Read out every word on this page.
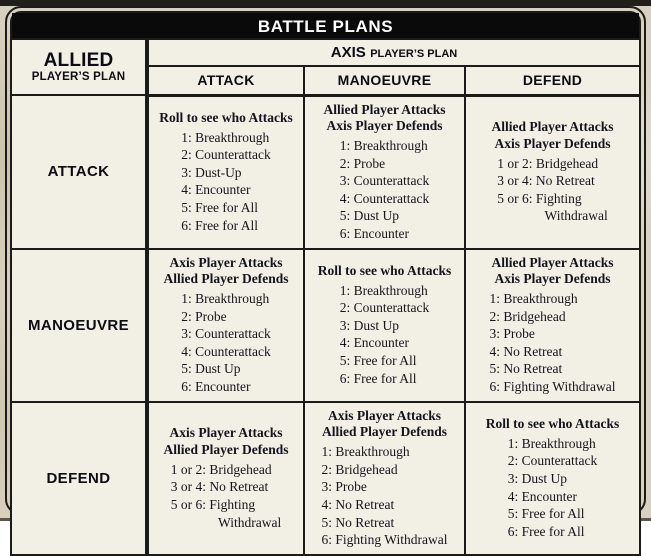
BATTLE PLANS
ALLIED
PLAYER’S PLAN	AXIS PLAYER’S PLAN		
	ATTACK	MANOEUVRE	DEFEND
ATTACK	
Roll to see who Attacks
1: Breakthrough
2: Counterattack
3: Dust-Up
4: Encounter
5: Free for All
6: Free for All

Allied Player Attacks
Axis Player Defends
1: Breakthrough
2: Probe
3: Counterattack
4: Counterattack
5: Dust Up
6: Encounter

Allied Player Attacks
Axis Player Defends
1 or 2: Bridgehead
3 or 4: No Retreat
5 or 6: Fighting
Withdrawal

MANOEUVRE	
Axis Player Attacks
Allied Player Defends
1: Breakthrough
2: Probe
3: Counterattack
4: Counterattack
5: Dust Up
6: Encounter

Roll to see who Attacks
1: Breakthrough
2: Counterattack
3: Dust Up
4: Encounter
5: Free for All
6: Free for All

Allied Player Attacks
Axis Player Defends
1: Breakthrough
2: Bridgehead
3: Probe
4: No Retreat
5: No Retreat
6: Fighting Withdrawal

DEFEND	
Axis Player Attacks
Allied Player Defends
1 or 2: Bridgehead
3 or 4: No Retreat
5 or 6: Fighting
Withdrawal

Axis Player Attacks
Allied Player Defends
1: Breakthrough
2: Bridgehead
3: Probe
4: No Retreat
5: No Retreat
6: Fighting Withdrawal

Roll to see who Attacks
1: Breakthrough
2: Counterattack
3: Dust Up
4: Encounter
5: Free for All
6: Free for All
